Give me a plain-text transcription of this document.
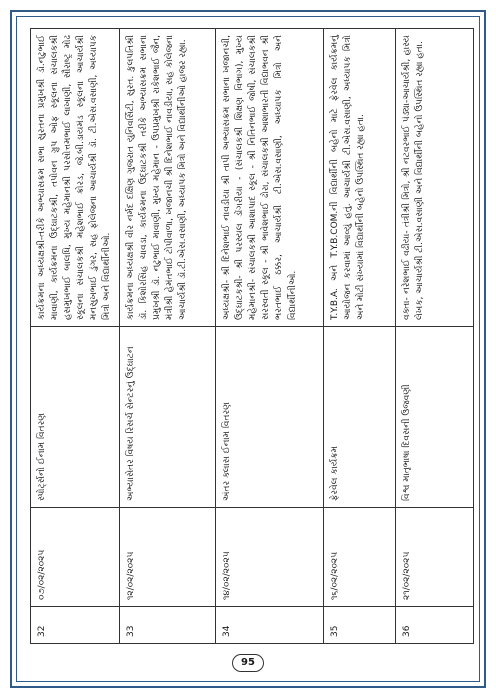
32	૦૭/૦૨/૨૦૨૫	સ્પોર્ટ્સનો ઈનામ વિતરણ	કાર્યક્રમના અધ્યક્ષશ્રી-તરીકે અભ્યાસક્રમ સભા સુરતના પ્રમુખશ્રી ડૉ.નટુભાઈ માવાણી, કાર્યક્રમના ઉદ્ઘાટકશ્રી, તપોવન ગ્રુપ ઓફ સ્કૂલના સંચાલકશ્રી હસમુખભાઈ બાલધિ, મુખ્ય મહેમાનશ્રી પરસોત્તમભાઈ લાખાણી, સૌરાષ્ટ્ર મોઢ સ્કૂલના સંચાલકશ્રી મહેશભાઈ ક્રોરડ, જે.બી.ડાયમંડ સ્કૂલના આચાર્યશ્રી મનસુખભાઈ ડુંગર, સહ ફોલેજના આચાર્યશ્રી ડૉ. ટી.એસ.વસાણી, અધ્યાપક મિત્રો અને વિદ્યાર્થીનીઓ.
33	૧૨/૦૨/૨૦૨૫	અભ્યાસેતર વિષય રિસર્ચ સેન્ટરનું ઉદ્ઘાટન	કાર્યક્રમના અધ્યક્ષશ્રી વીર નર્મદ દક્ષિણ ગુજરાત યુનિવર્સિટી, સુરત. કુલપતિશ્રી ડૉ. કિશોરસિંહ ચાવડા, કાર્યક્રમના ઉદ્ઘાટકશ્રી તરીકે અભ્યાસક્રમ સભાના પ્રમુખશ્રી ડૉ. નટુભાઈ માવાણી, મુખ્ય મહેમાન - ઉપપ્રમુખશ્રી રાકેશભાઈ જૈન, મંત્રીશ્રી હેમંતભાઈ ટોપીવાળા, ખજાનચી શ્રી દિનેશભાઈ નાવડીયા, સહ કોલેજના આચાર્યશ્રી ડૉ.ટી.એસ.વસાણી, અધ્યાપક મિત્રો અને વિદ્યાર્થીનીઓ હાજર રહ્યા.
34	૧૪/૦૨/૨૦૨૫	અંતર ક્લાસ ઈનામ વિતરણ	અધ્યક્ષશ્રી- શ્રી દિનેશભાઈ નાવડીયા શ્રી તાપી અભ્યાસક્રમ સભાના ખજાનચી, ઉદ્ઘાટકશ્રી- શ્રી પરસ્યલ ડોંગરીયા - (સંચાલકશ્રી શિક્ષણ વિભાગ), મુખ્ય મહેમાનશ્રી- સંચાલકશ્રી આશાપાદ સ્કૂલ - શ્રી નિતિનભાઈ જોષી, સંચાલકશ્રી સરસ્વતી સ્કૂલ - શ્રી ભાવેશભાઈ ઢોરા, સંચાલકશ્રી આશાભારતી વિદ્યાભવન શ્રી ભરતભાઈ ઠક્કર, આચાર્યશ્રી ટી.એસ.વસાણી, અધ્યાપક મિત્રો અને વિદ્યાર્થીનીઓ.
35	૧૬/૦૨/૨૦૨૫	ફેરવેલ કાર્યક્રમ	T.Y.B.A. અને T.Y.B.COM.ની વિદ્યાર્થીની બહેનો માટે ફેરવેલ કાર્યક્રમનું આયોજન કરવામાં આવ્યું હતું. આચાર્યશ્રી ટી.એસ.વસાણી, અધ્યાપક મિત્રો અને મોટી સંખ્યામાં વિદ્યાર્થીની બહેનો ઉપસ્થિત રહ્યા હતા.
36	૨૧/૦૨/૨૦૨૫	વિશ્વ માતૃભાષા દિવસની ઉજવણી	વક્તા- નરેશભાઈ વઢીયા- તંત્રીશ્રી મિત્રો, શ્રી નટવરભાઈ પંડ્યા-આચાર્યશ્રી, હાસ્ય લેખક, આચાર્યશ્રી ટી.એસ.વસાણી અને વિદ્યાર્થીની બહેનો ઉપસ્થિત રહ્યા હતા.
95
